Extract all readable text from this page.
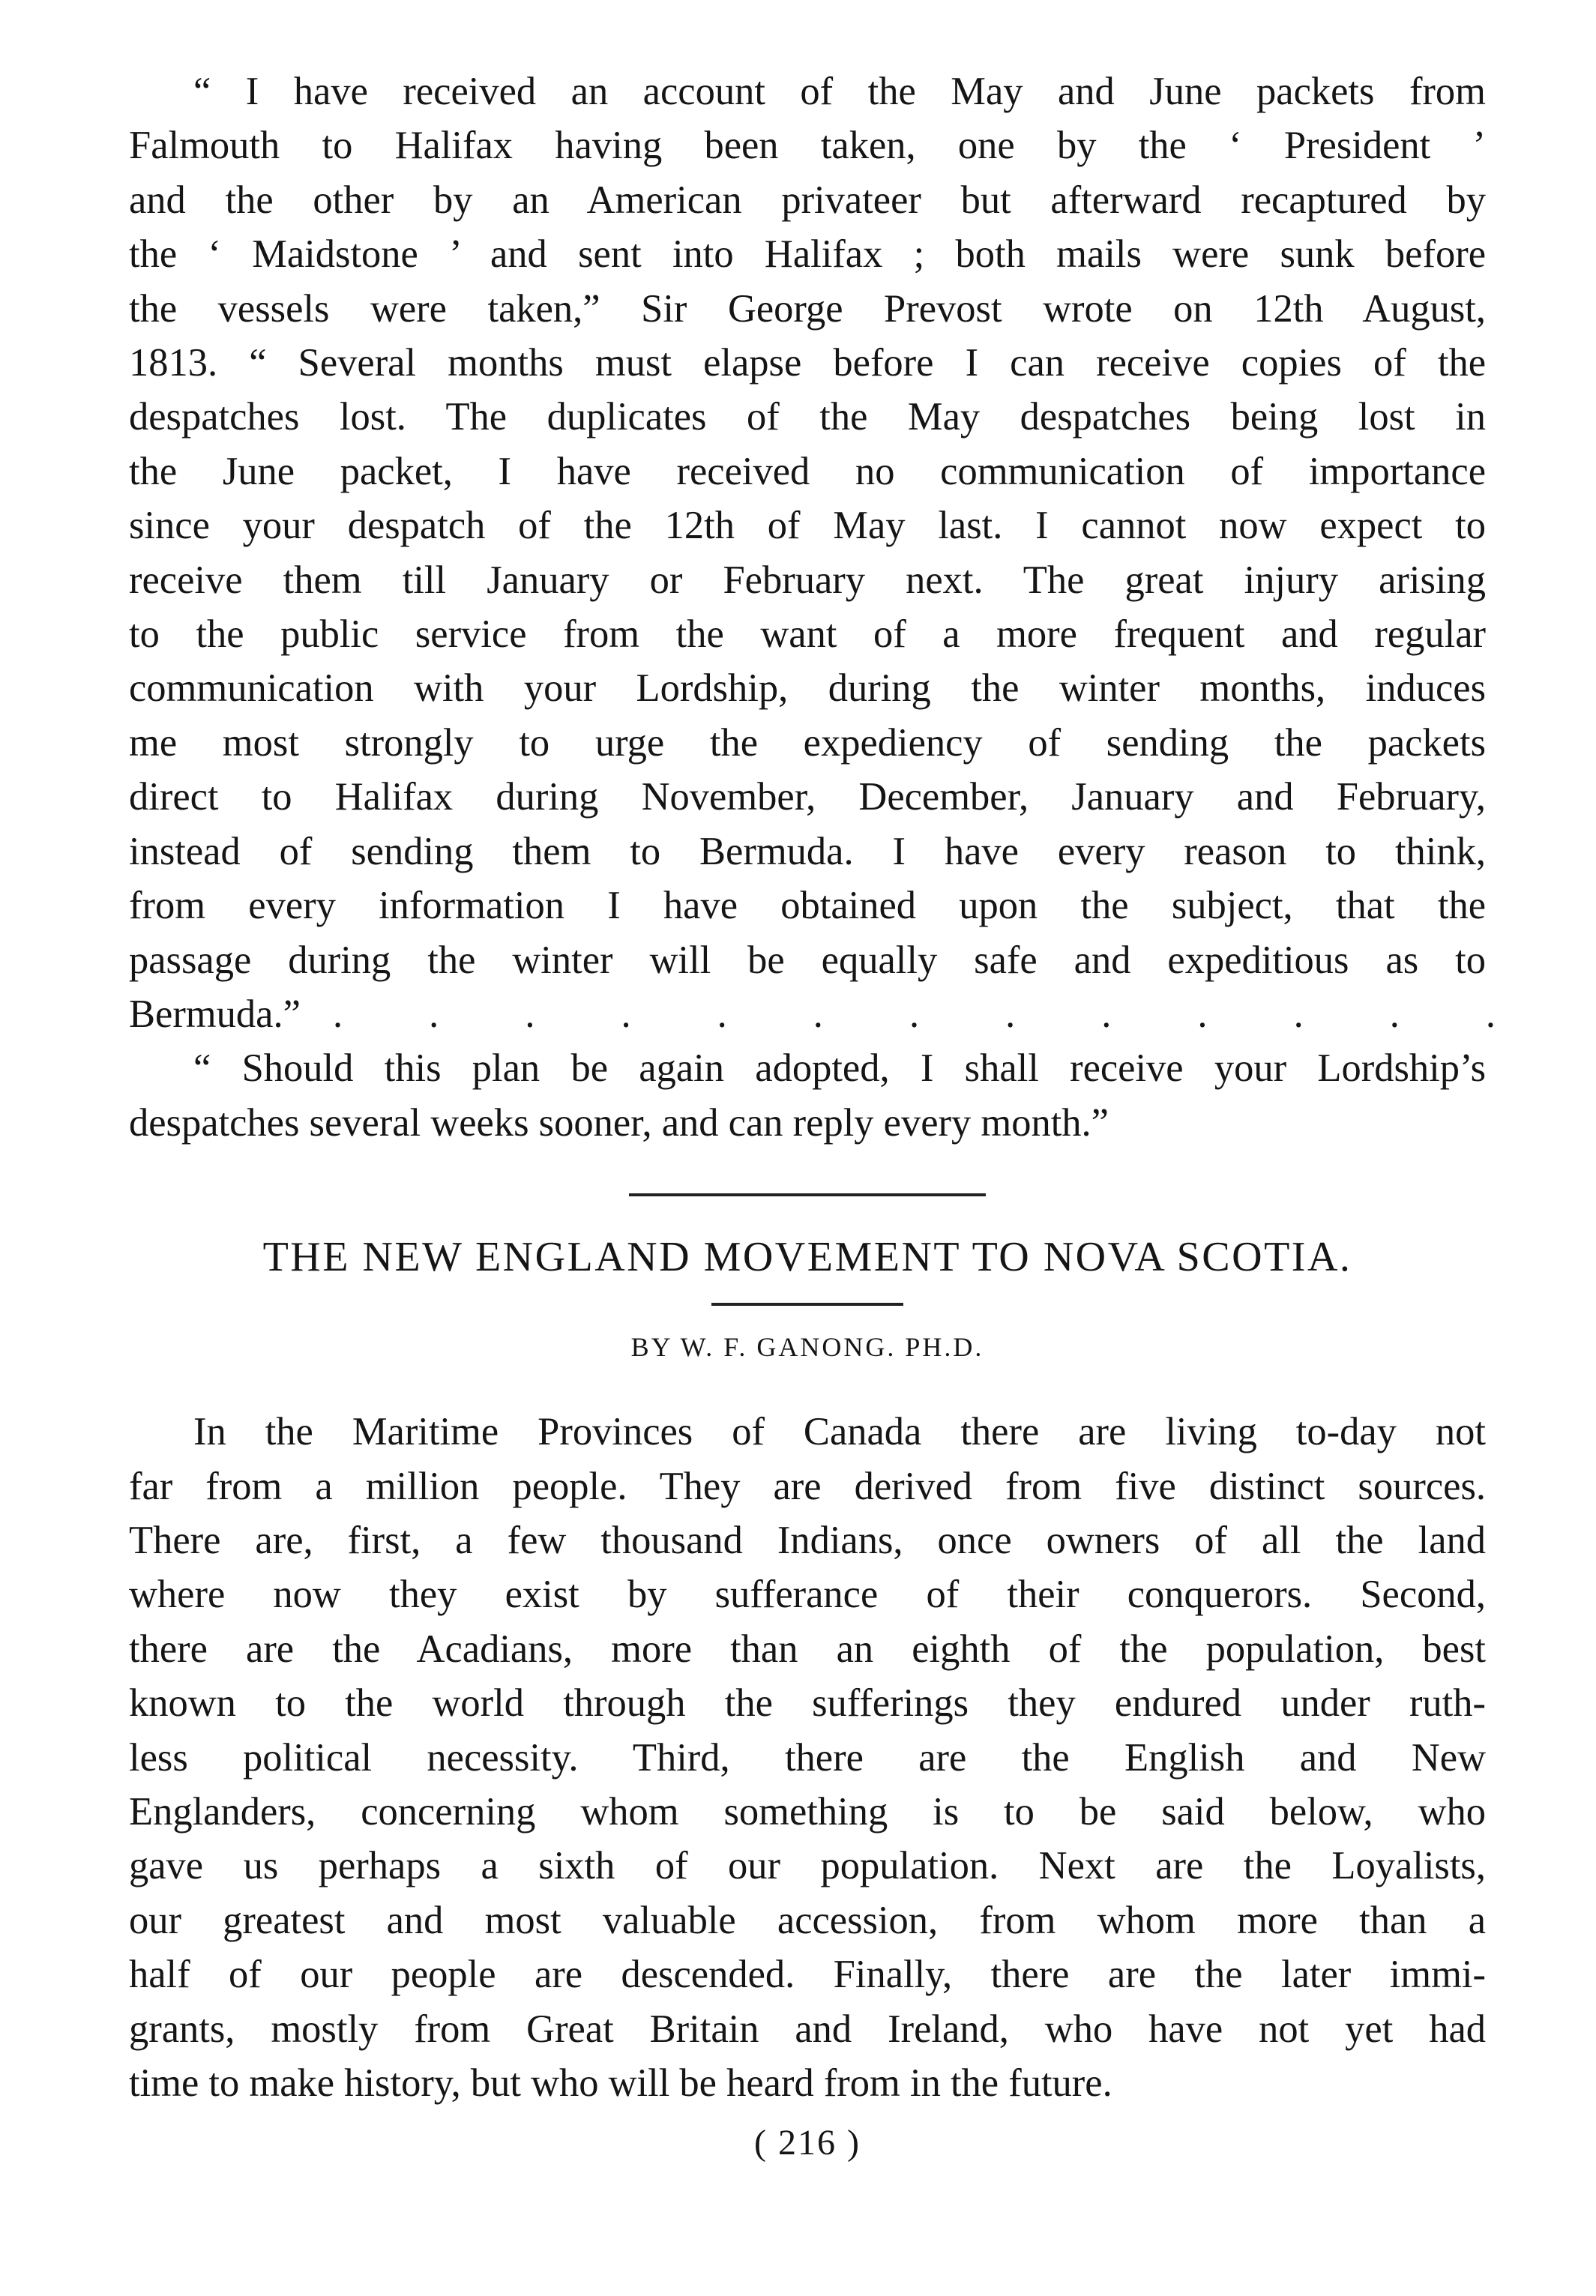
“ I have received an account of the May and June packets from
Falmouth to Halifax having been taken, one by the ‘ President ’
and the other by an American privateer but afterward recaptured by
the ‘ Maidstone ’ and sent into Halifax ; both mails were sunk before
the vessels were taken,” Sir George Prevost wrote on 12th August,
1813. “ Several months must elapse before I can receive copies of the
despatches lost. The duplicates of the May despatches being lost in
the June packet, I have received no communication of importance
since your despatch of the 12th of May last. I cannot now expect to
receive them till January or February next. The great injury arising
to the public service from the want of a more frequent and regular
communication with your Lordship, during the winter months, induces
me most strongly to urge the expediency of sending the packets
direct to Halifax during November, December, January and February,
instead of sending them to Bermuda. I have every reason to think,
from every information I have obtained upon the subject, that the
passage during the winter will be equally safe and expeditious as to
Bermuda.” . . . . . . . . . . . . .
“ Should this plan be again adopted, I shall receive your Lordship’s
despatches several weeks sooner, and can reply every month.”
THE NEW ENGLAND MOVEMENT TO NOVA SCOTIA.
BY W. F. GANONG. PH.D.
In the Maritime Provinces of Canada there are living to-day not
far from a million people. They are derived from five distinct sources.
There are, first, a few thousand Indians, once owners of all the land
where now they exist by sufferance of their conquerors. Second,
there are the Acadians, more than an eighth of the population, best
known to the world through the sufferings they endured under ruth-
less political necessity. Third, there are the English and New
Englanders, concerning whom something is to be said below, who
gave us perhaps a sixth of our population. Next are the Loyalists,
our greatest and most valuable accession, from whom more than a
half of our people are descended. Finally, there are the later immi-
grants, mostly from Great Britain and Ireland, who have not yet had
time to make history, but who will be heard from in the future.
( 216 )
